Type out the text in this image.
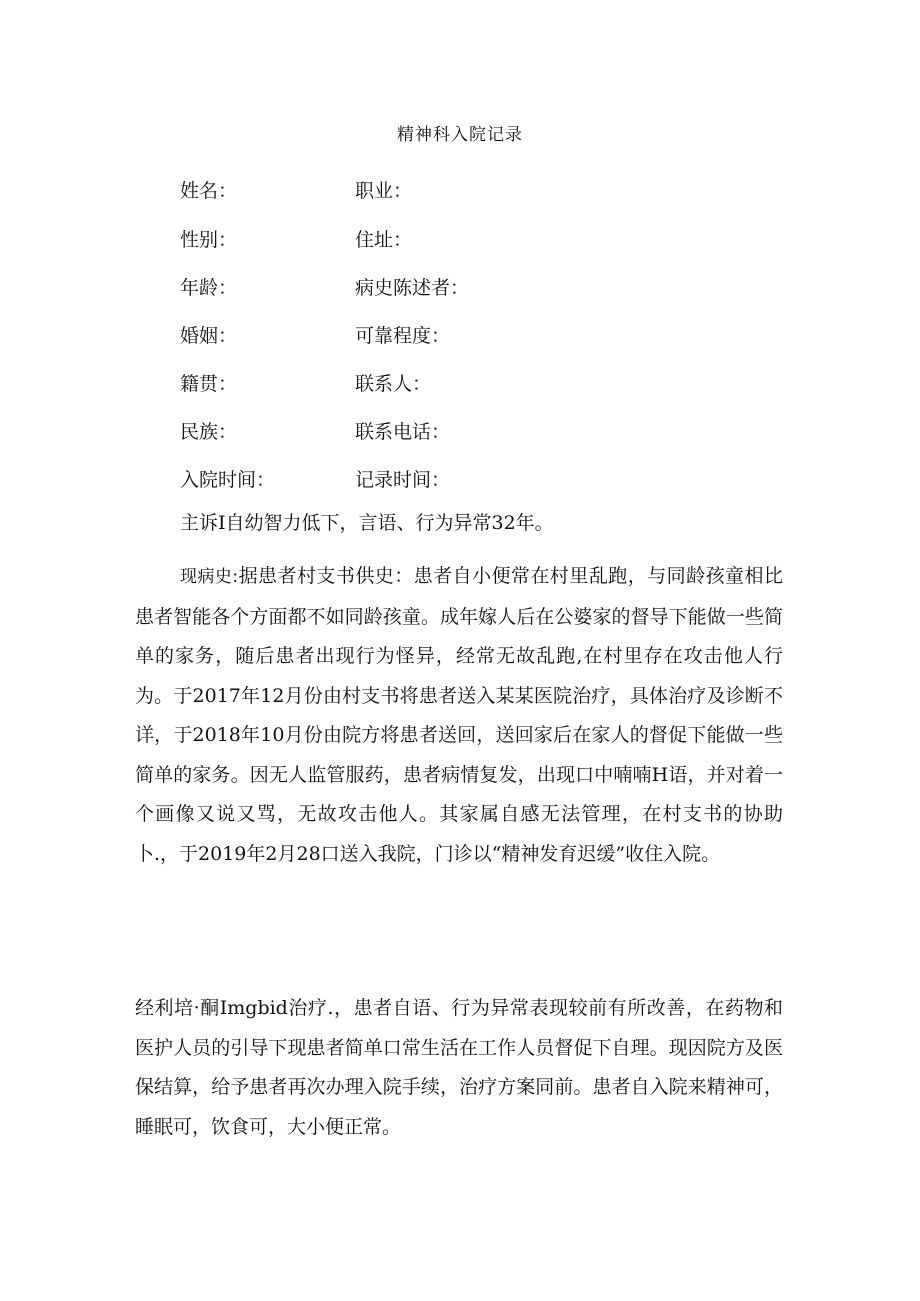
精神科入院记录
姓名：	职业：
性别：	住址：
年龄：	病史陈述者：
婚姻：	可靠程度：
籍贯：	联系人：
民族：	联系电话：
入院时间：	记录时间：
主诉I自幼智力低下，言语、行为异常32年。

现病史:据患者村支书供史：患者自小便常在村里乱跑，与同龄孩童相比患者智能各个方面都不如同龄孩童。成年嫁人后在公婆家的督导下能做一些简单的家务，随后患者出现行为怪异，经常无故乱跑,在村里存在攻击他人行为。于2017年12月份由村支书将患者送入某某医院治疗，具体治疗及诊断不详，于2018年10月份由院方将患者送回，送回家后在家人的督促下能做一些简单的家务。因无人监管服药，患者病情复发，出现口中喃喃H语，并对着一个画像又说又骂，无故攻击他人。其家属自感无法管理，在村支书的协助卜.，于2019年2月28口送入我院，门诊以“精神发育迟缓”收住入院。

经利培·酮Imgbid治疗.，患者自语、行为异常表现较前有所改善，在药物和医护人员的引导下现患者简单口常生活在工作人员督促下自理。现因院方及医保结算，给予患者再次办理入院手续，治疗方案同前。患者自入院来精神可，睡眠可，饮食可，大小便正常。
